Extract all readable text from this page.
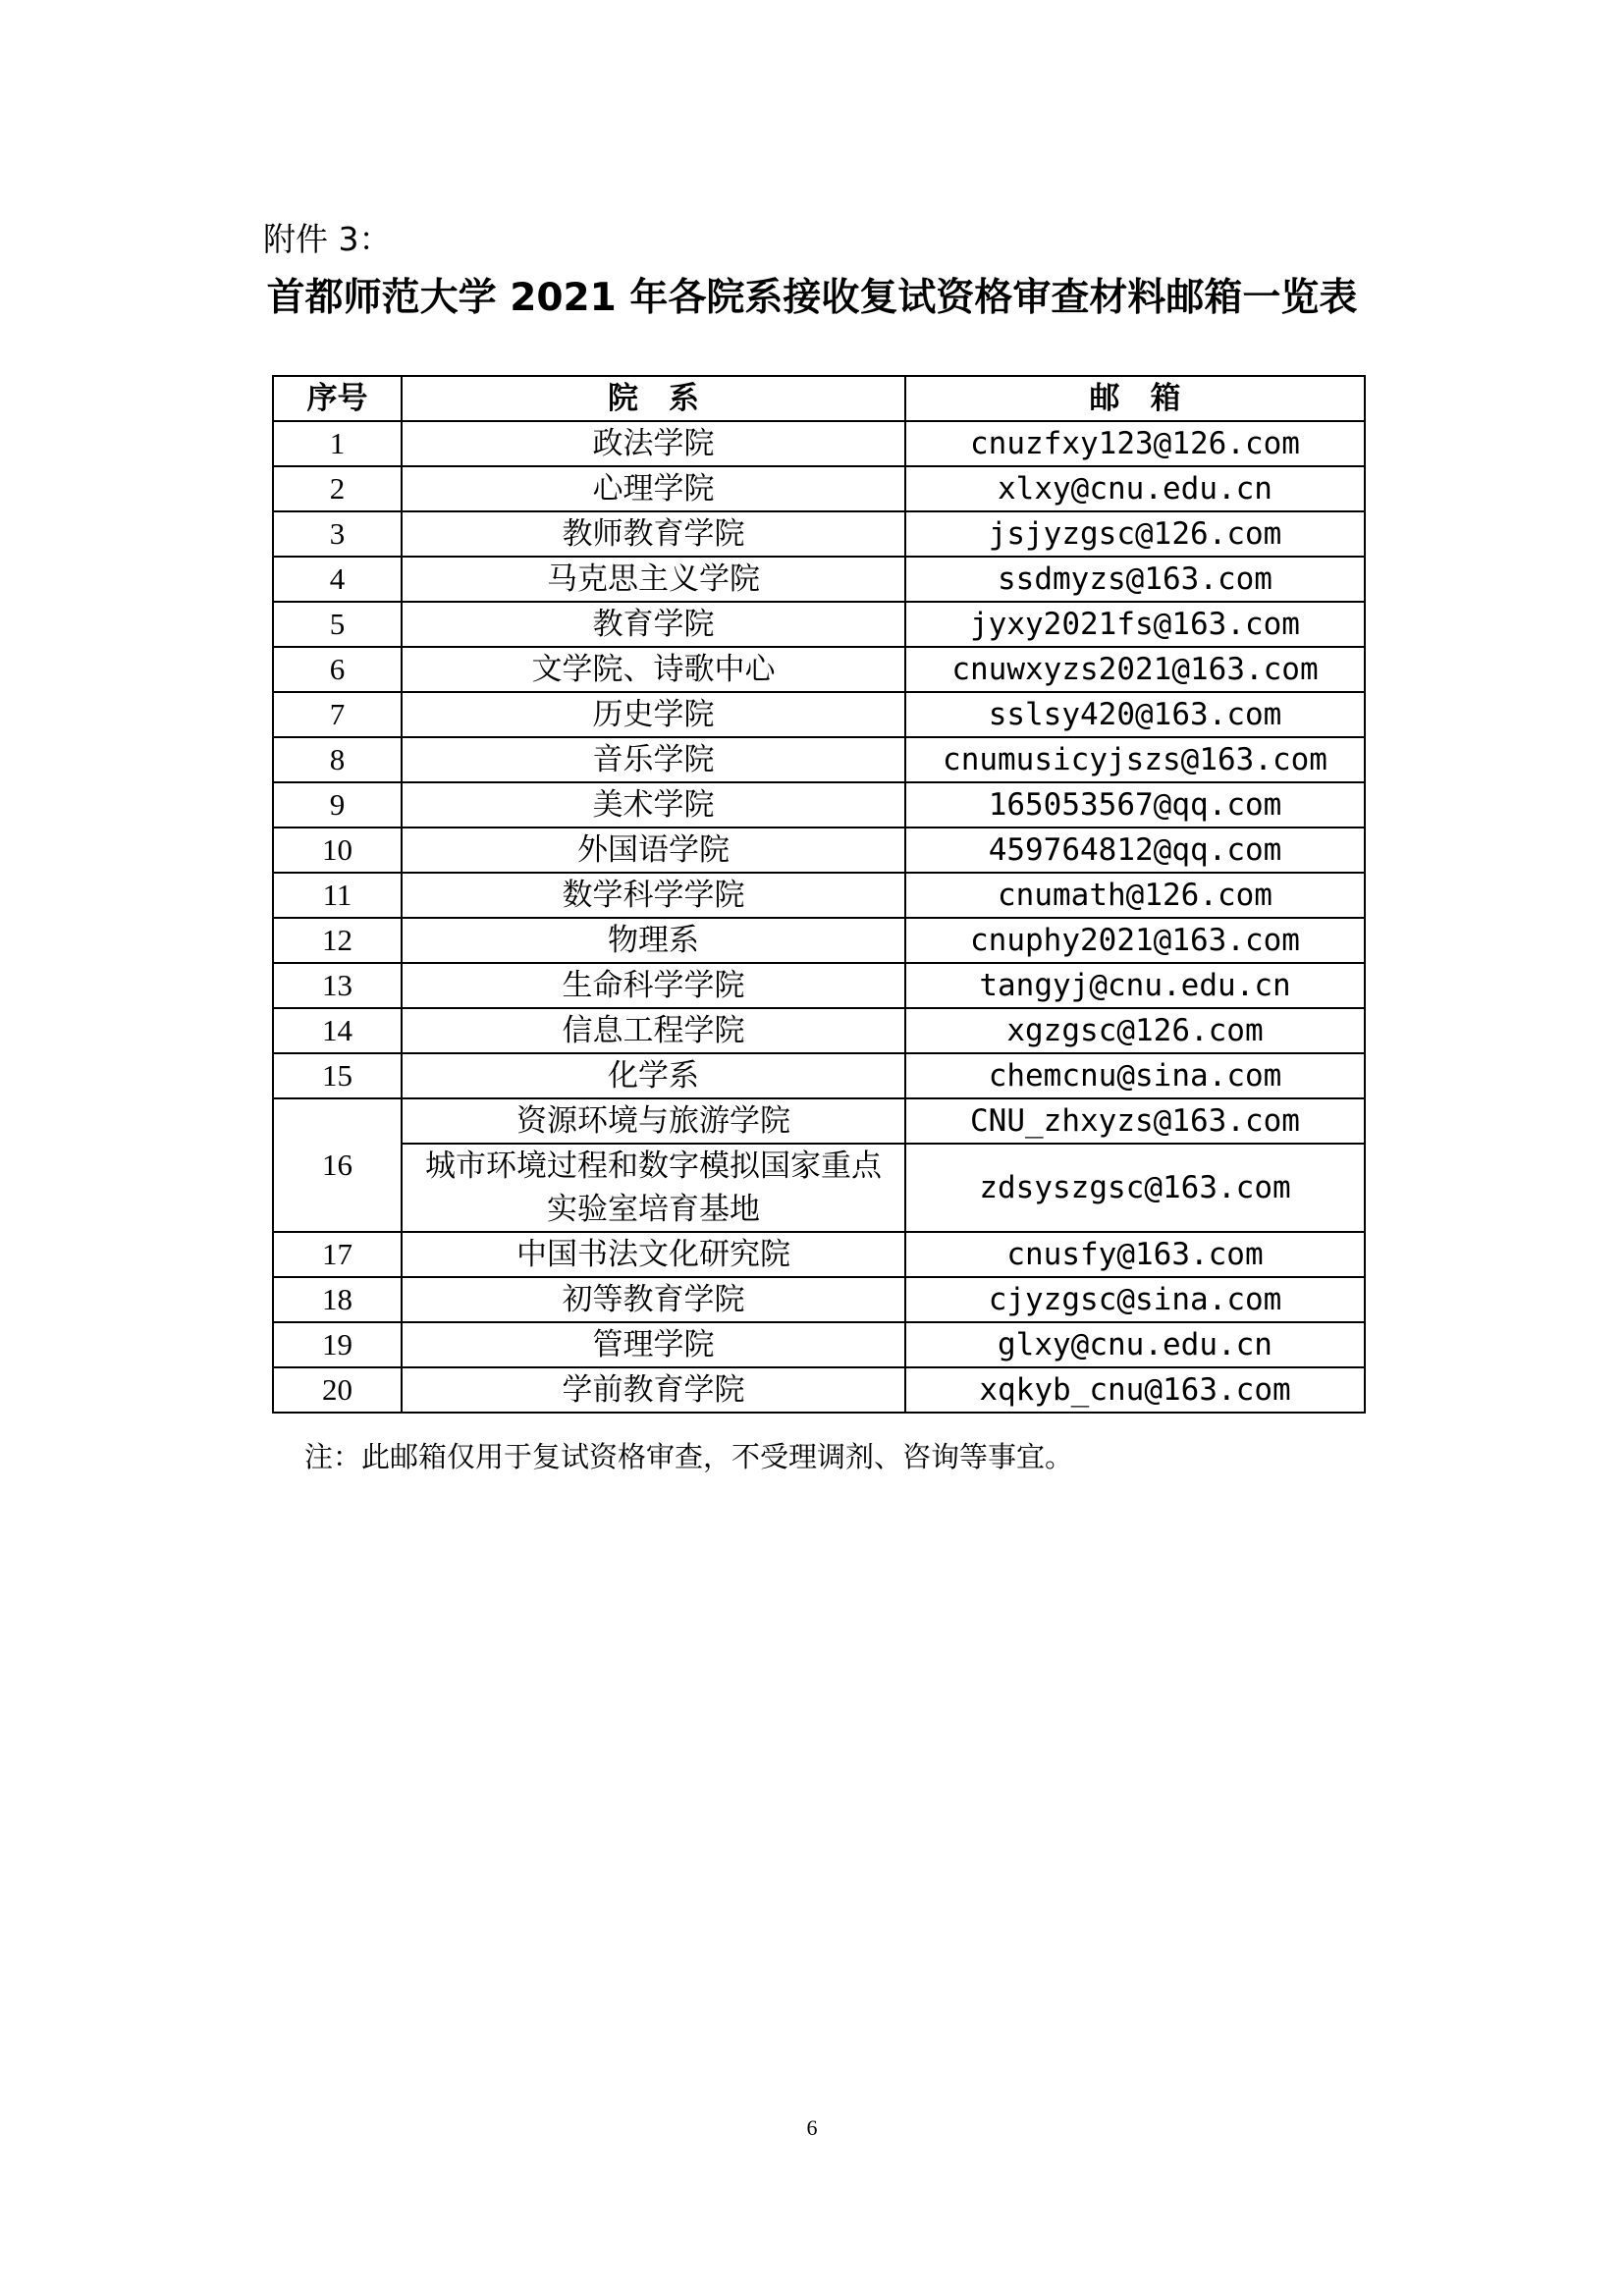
附件 3：
首都师范大学 2021 年各院系接收复试资格审查材料邮箱一览表
序号	院　系	邮　箱
1	政法学院	cnuzfxy123@126.com
2	心理学院	xlxy@cnu.edu.cn
3	教师教育学院	jsjyzgsc@126.com
4	马克思主义学院	ssdmyzs@163.com
5	教育学院	jyxy2021fs@163.com
6	文学院、诗歌中心	cnuwxyzs2021@163.com
7	历史学院	sslsy420@163.com
8	音乐学院	cnumusicyjszs@163.com
9	美术学院	165053567@qq.com
10	外国语学院	459764812@qq.com
11	数学科学学院	cnumath@126.com
12	物理系	cnuphy2021@163.com
13	生命科学学院	tangyj@cnu.edu.cn
14	信息工程学院	xgzgsc@126.com
15	化学系	chemcnu@sina.com
16	资源环境与旅游学院	CNU_zhxyzs@163.com
	城市环境过程和数字模拟国家重点
实验室培育基地	zdsyszgsc@163.com
17	中国书法文化研究院	cnusfy@163.com
18	初等教育学院	cjyzgsc@sina.com
19	管理学院	glxy@cnu.edu.cn
20	学前教育学院	xqkyb_cnu@163.com
注：此邮箱仅用于复试资格审查，不受理调剂、咨询等事宜。
6
